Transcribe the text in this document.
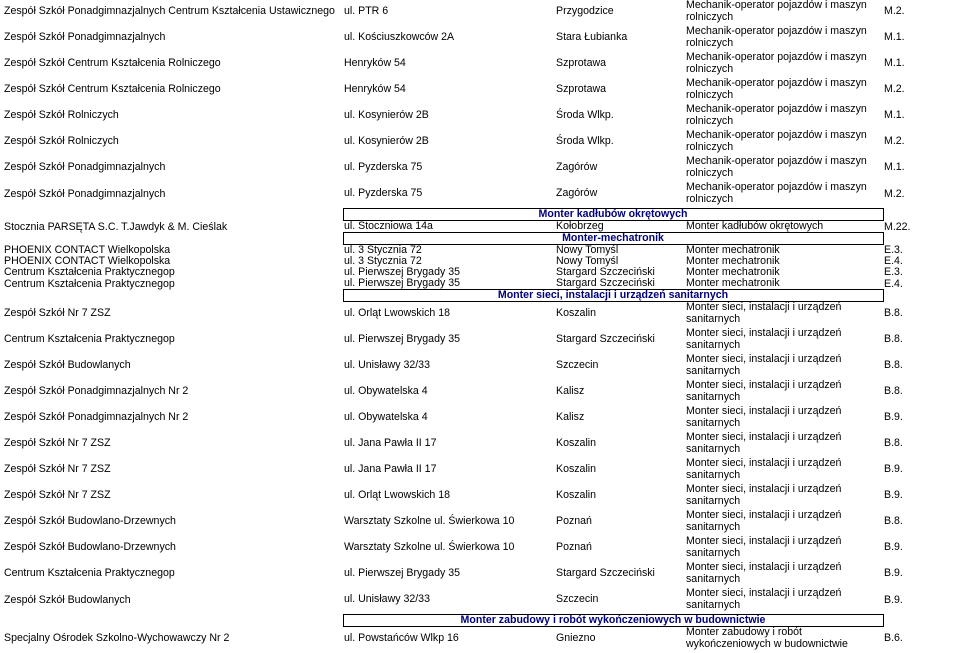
Zespół Szkół Ponadgimnazjalnych Centrum Kształcenia Ustawicznego	ul. PTR 6	Przygodzice	Mechanik-operator pojazdów i maszyn rolniczych	M.2.
Zespół Szkół Ponadgimnazjalnych	ul. Kościuszkowców 2A	Stara Łubianka	Mechanik-operator pojazdów i maszyn rolniczych	M.1.
Zespół Szkół Centrum Kształcenia Rolniczego	Henryków 54	Szprotawa	Mechanik-operator pojazdów i maszyn rolniczych	M.1.
Zespół Szkół Centrum Kształcenia Rolniczego	Henryków 54	Szprotawa	Mechanik-operator pojazdów i maszyn rolniczych	M.2.
Zespół Szkół Rolniczych	ul. Kosynierów 2B	Środa Wlkp.	Mechanik-operator pojazdów i maszyn rolniczych	M.1.
Zespół Szkół Rolniczych	ul. Kosynierów 2B	Środa Wlkp.	Mechanik-operator pojazdów i maszyn rolniczych	M.2.
Zespół Szkół Ponadgimnazjalnych	ul. Pyzderska 75	Zagórów	Mechanik-operator pojazdów i maszyn rolniczych	M.1.
Zespół Szkół Ponadgimnazjalnych	ul. Pyzderska 75	Zagórów	Mechanik-operator pojazdów i maszyn rolniczych	M.2.
	Monter kadłubów okrętowych			
Stocznia PARSĘTA S.C. T.Jawdyk & M. Cieślak	ul. Stoczniowa 14a	Kołobrzeg	Monter kadłubów okrętowych	M.22.
	Monter-mechatronik			
PHOENIX CONTACT Wielkopolska	ul. 3 Stycznia 72	Nowy Tomyśl	Monter mechatronik	E.3.
PHOENIX CONTACT Wielkopolska	ul. 3 Stycznia 72	Nowy Tomyśl	Monter mechatronik	E.4.
Centrum Kształcenia Praktycznegop	ul. Pierwszej Brygady 35	Stargard Szczeciński	Monter mechatronik	E.3.
Centrum Kształcenia Praktycznegop	ul. Pierwszej Brygady 35	Stargard Szczeciński	Monter mechatronik	E.4.
	Monter sieci, instalacji i urządzeń sanitarnych			
Zespół Szkół Nr 7 ZSZ	ul. Orląt Lwowskich 18	Koszalin	Monter sieci, instalacji i urządzeń sanitarnych	B.8.
Centrum Kształcenia Praktycznegop	ul. Pierwszej Brygady 35	Stargard Szczeciński	Monter sieci, instalacji i urządzeń sanitarnych	B.8.
Zespół Szkół Budowlanych	ul. Unisławy 32/33	Szczecin	Monter sieci, instalacji i urządzeń sanitarnych	B.8.
Zespół Szkół Ponadgimnazjalnych Nr 2	ul. Obywatelska 4	Kalisz	Monter sieci, instalacji i urządzeń sanitarnych	B.8.
Zespół Szkół Ponadgimnazjalnych Nr 2	ul. Obywatelska 4	Kalisz	Monter sieci, instalacji i urządzeń sanitarnych	B.9.
Zespół Szkół Nr 7 ZSZ	ul. Jana Pawła II 17	Koszalin	Monter sieci, instalacji i urządzeń sanitarnych	B.8.
Zespół Szkół Nr 7 ZSZ	ul. Jana Pawła II 17	Koszalin	Monter sieci, instalacji i urządzeń sanitarnych	B.9.
Zespół Szkół Nr 7 ZSZ	ul. Orląt Lwowskich 18	Koszalin	Monter sieci, instalacji i urządzeń sanitarnych	B.9.
Zespół Szkół Budowlano-Drzewnych	Warsztaty Szkolne ul. Świerkowa 10	Poznań	Monter sieci, instalacji i urządzeń sanitarnych	B.8.
Zespół Szkół Budowlano-Drzewnych	Warsztaty Szkolne ul. Świerkowa 10	Poznań	Monter sieci, instalacji i urządzeń sanitarnych	B.9.
Centrum Kształcenia Praktycznegop	ul. Pierwszej Brygady 35	Stargard Szczeciński	Monter sieci, instalacji i urządzeń sanitarnych	B.9.
Zespół Szkół Budowlanych	ul. Unisławy 32/33	Szczecin	Monter sieci, instalacji i urządzeń sanitarnych	B.9.
	Monter zabudowy i robót wykończeniowych w budownictwie			
Specjalny Ośrodek Szkolno-Wychowawczy Nr 2	ul. Powstańców Wlkp 16	Gniezno	Monter zabudowy i robót wykończeniowych w budownictwie	B.6.
